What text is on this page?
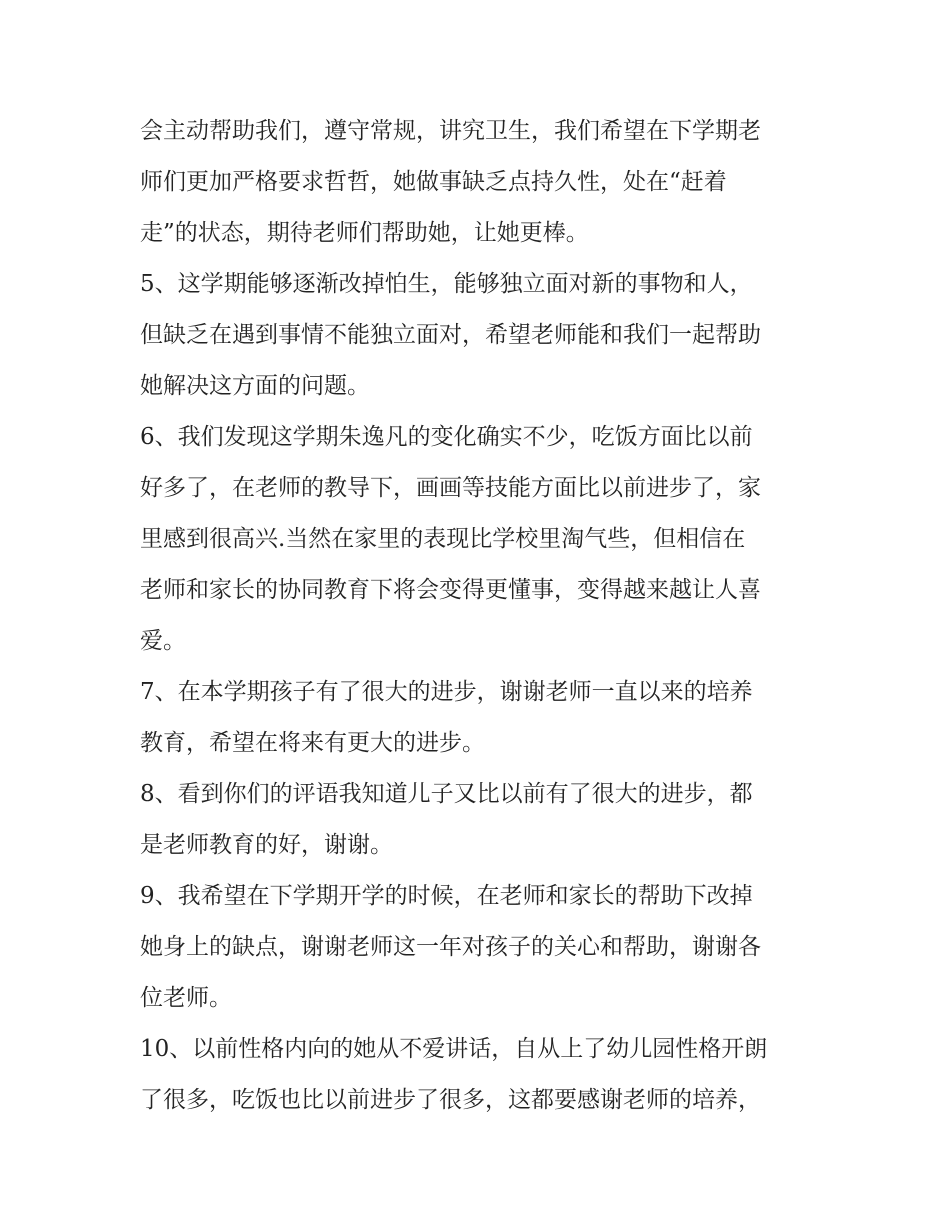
会主动帮助我们，遵守常规，讲究卫生，我们希望在下学期老
师们更加严格要求哲哲，她做事缺乏点持久性，处在“赶着
走”的状态，期待老师们帮助她，让她更棒。
5、这学期能够逐渐改掉怕生，能够独立面对新的事物和人，
但缺乏在遇到事情不能独立面对，希望老师能和我们一起帮助
她解决这方面的问题。
6、我们发现这学期朱逸凡的变化确实不少，吃饭方面比以前
好多了，在老师的教导下，画画等技能方面比以前进步了，家
里感到很高兴.当然在家里的表现比学校里淘气些，但相信在
老师和家长的协同教育下将会变得更懂事，变得越来越让人喜
爱。
7、在本学期孩子有了很大的进步，谢谢老师一直以来的培养
教育，希望在将来有更大的进步。
8、看到你们的评语我知道儿子又比以前有了很大的进步，都
是老师教育的好，谢谢。
9、我希望在下学期开学的时候，在老师和家长的帮助下改掉
她身上的缺点，谢谢老师这一年对孩子的关心和帮助，谢谢各
位老师。
10、以前性格内向的她从不爱讲话，自从上了幼儿园性格开朗
了很多，吃饭也比以前进步了很多，这都要感谢老师的培养，
